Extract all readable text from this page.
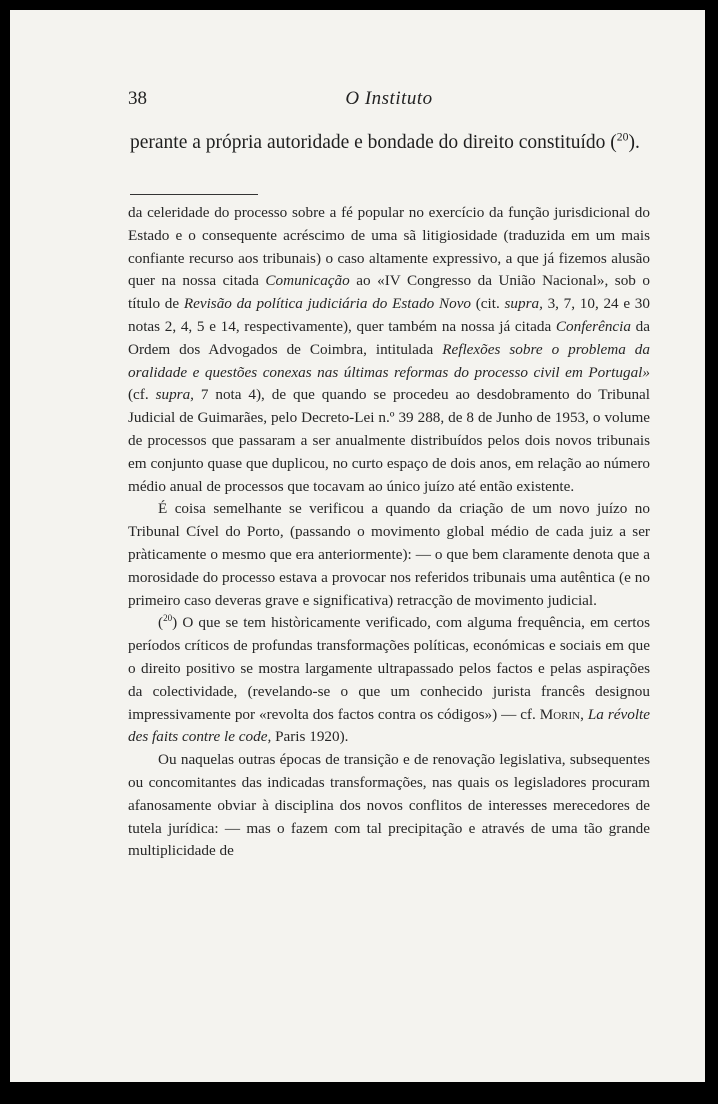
38	O Instituto

perante a própria autoridade e bondade do direito constituído ($^{20}$).

da celeridade do processo sobre a fé popular no exercício da função jurisdicional do Estado e o consequente acréscimo de uma sã litigiosidade (traduzida em um mais confiante recurso aos tribunais) o caso altamente expressivo, a que já fizemos alusão quer na nossa citada Comunicação ao «IV Congresso da União Nacional», sob o título de Revisão da política judiciária do Estado Novo (cit. supra, 3, 7, 10, 24 e 30 notas 2, 4, 5 e 14, respectivamente), quer também na nossa já citada Conferência da Ordem dos Advogados de Coimbra, intitulada Reflexões sobre o problema da oralidade e questões conexas nas últimas reformas do processo civil em Portugal» (cf. supra, 7 nota 4), de que quando se procedeu ao desdobramento do Tribunal Judicial de Guimarães, pelo Decreto-Lei n.º 39 288, de 8 de Junho de 1953, o volume de processos que passaram a ser anualmente distribuídos pelos dois novos tribunais em conjunto quase que duplicou, no curto espaço de dois anos, em relação ao número médio anual de processos que tocavam ao único juízo até então existente.

É coisa semelhante se verificou a quando da criação de um novo juízo no Tribunal Cível do Porto, (passando o movimento global médio de cada juiz a ser pràticamente o mesmo que era anteriormente): — o que bem claramente denota que a morosidade do processo estava a provocar nos referidos tribunais uma autêntica (e no primeiro caso deveras grave e significativa) retracção de movimento judicial.

($^{20}$) O que se tem històricamente verificado, com alguma frequência, em certos períodos críticos de profundas transformações políticas, económicas e sociais em que o direito positivo se mostra largamente ultrapassado pelos factos e pelas aspirações da colectividade, (revelando-se o que um conhecido jurista francês designou impressivamente por «revolta dos factos contra os códigos») — cf. Morin, La révolte des faits contre le code, Paris 1920).

Ou naquelas outras épocas de transição e de renovação legislativa, subsequentes ou concomitantes das indicadas transformações, nas quais os legisladores procuram afanosamente obviar à disciplina dos novos conflitos de interesses merecedores de tutela jurídica: — mas o fazem com tal precipitação e através de uma tão grande multiplicidade de
